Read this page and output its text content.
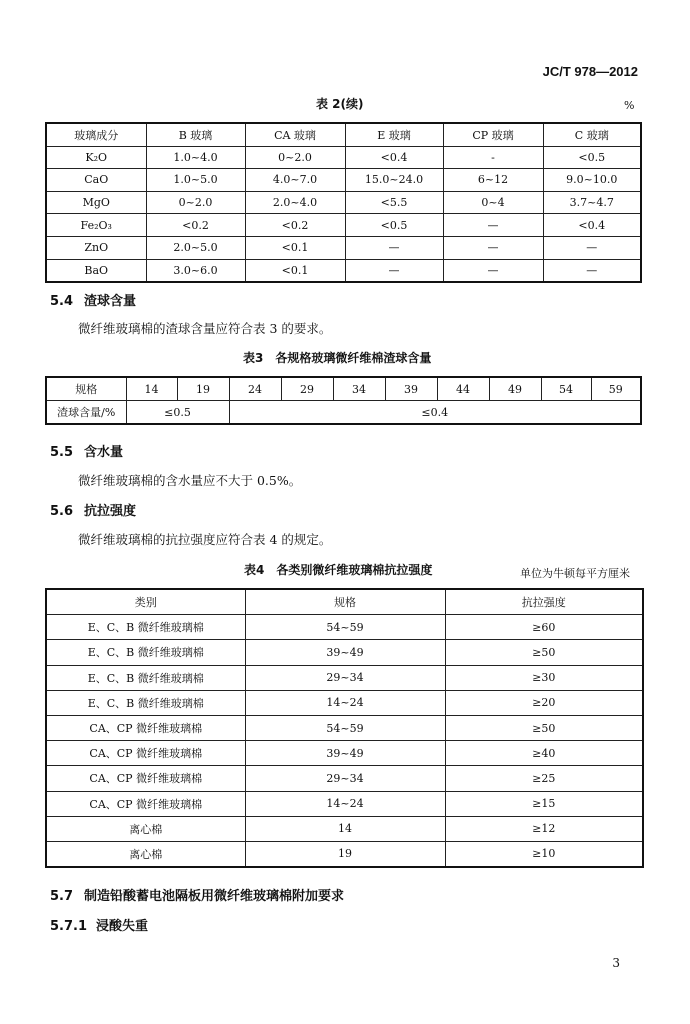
JC/T 978—2012
表 2(续)	%
玻璃成分	B 玻璃	CA 玻璃	E 玻璃	CP 玻璃	C 玻璃
K₂O	1.0~4.0	0~2.0	<0.4	-	<0.5
CaO	1.0~5.0	4.0~7.0	15.0~24.0	6~12	9.0~10.0
MgO	0~2.0	2.0~4.0	<5.5	0~4	3.7~4.7
Fe₂O₃	<0.2	<0.2	<0.5	—	<0.4
ZnO	2.0~5.0	<0.1	—	—	—
BaO	3.0~6.0	<0.1	—	—	—
5.4 渣球含量
微纤维玻璃棉的渣球含量应符合表 3 的要求。
表3　各规格玻璃微纤维棉渣球含量
规格	14	19	24	29	34	39	44	49	54	59
渣球含量/%	≤0.5		≤0.4							
5.5 含水量
微纤维玻璃棉的含水量应不大于 0.5%。
5.6 抗拉强度
微纤维玻璃棉的抗拉强度应符合表 4 的规定。
表4　各类别微纤维玻璃棉抗拉强度	单位为牛顿每平方厘米
类别	规格	抗拉强度
E、C、B 微纤维玻璃棉	54~59	≥60
E、C、B 微纤维玻璃棉	39~49	≥50
E、C、B 微纤维玻璃棉	29~34	≥30
E、C、B 微纤维玻璃棉	14~24	≥20
CA、CP 微纤维玻璃棉	54~59	≥50
CA、CP 微纤维玻璃棉	39~49	≥40
CA、CP 微纤维玻璃棉	29~34	≥25
CA、CP 微纤维玻璃棉	14~24	≥15
离心棉	14	≥12
离心棉	19	≥10
5.7 制造铅酸蓄电池隔板用微纤维玻璃棉附加要求
5.7.1 浸酸失重
3
